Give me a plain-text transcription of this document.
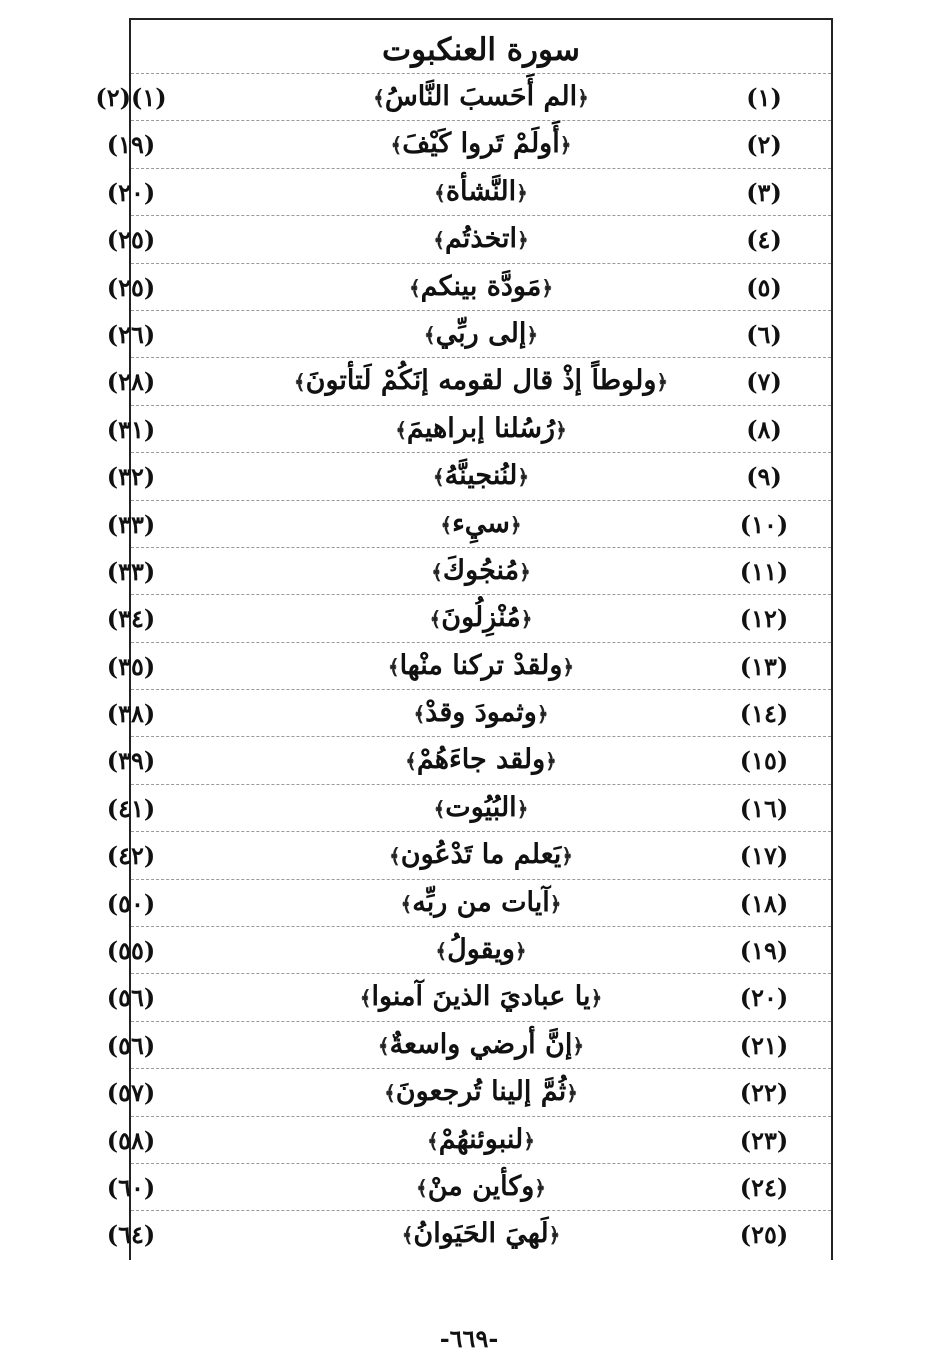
سورة العنكبوت
(١)
﴿الم أَحَسبَ النَّاسُ﴾
(١)(٢)
(٢)
﴿أَولَمْ تَروا كَيْفَ﴾
(١٩)
(٣)
﴿النَّشأة﴾
(٢٠)
(٤)
﴿اتخذتُم﴾
(٢٥)
(٥)
﴿مَودَّة بينكم﴾
(٢٥)
(٦)
﴿إلى ربِّي﴾
(٢٦)
(٧)
﴿ولوطاً إذْ قال لقومه إنَكُمْ لَتأتونَ﴾
(٢٨)
(٨)
﴿رُسُلنا إبراهيمَ﴾
(٣١)
(٩)
﴿لنُنجينَّهُ﴾
(٣٢)
(١٠)
﴿سيِء﴾
(٣٣)
(١١)
﴿مُنجُوكَ﴾
(٣٣)
(١٢)
﴿مُنْزِلُونَ﴾
(٣٤)
(١٣)
﴿ولقدْ تركنا منْها﴾
(٣٥)
(١٤)
﴿وثمودَ وقدْ﴾
(٣٨)
(١٥)
﴿ولقد جاءَهُمْ﴾
(٣٩)
(١٦)
﴿البُيُوت﴾
(٤١)
(١٧)
﴿يَعلم ما تَدْعُون﴾
(٤٢)
(١٨)
﴿آيات من ربِّه﴾
(٥٠)
(١٩)
﴿ويقولُ﴾
(٥٥)
(٢٠)
﴿يا عباديَ الذينَ آمنوا﴾
(٥٦)
(٢١)
﴿إنَّ أرضي واسعةٌ﴾
(٥٦)
(٢٢)
﴿ثُمَّ إلينا تُرجعونَ﴾
(٥٧)
(٢٣)
﴿لنبوئنهُمْ﴾
(٥٨)
(٢٤)
﴿وكأين منْ﴾
(٦٠)
(٢٥)
﴿لَهيَ الحَيَوانُ﴾
(٦٤)
-٦٦٩-
